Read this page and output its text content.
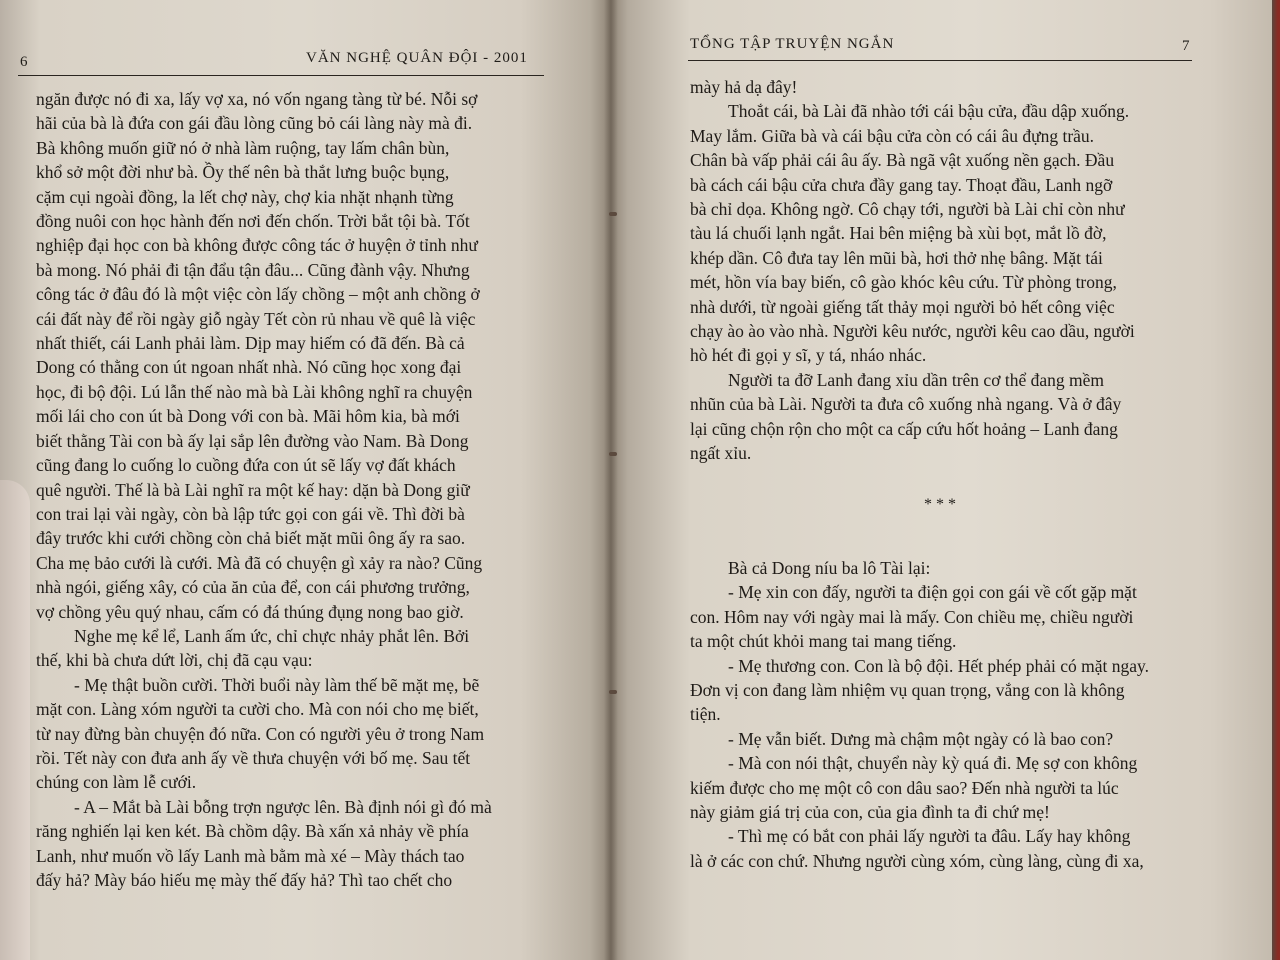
6	VĂN NGHỆ QUÂN ĐỘI - 2001
ngăn được nó đi xa, lấy vợ xa, nó vốn ngang tàng từ bé. Nỗi sợ
hãi của bà là đứa con gái đầu lòng cũng bỏ cái làng này mà đi.
Bà không muốn giữ nó ở nhà làm ruộng, tay lấm chân bùn,
khổ sở một đời như bà. Ồy thế nên bà thắt lưng buộc bụng,
cặm cụi ngoài đồng, la lết chợ này, chợ kia nhặt nhạnh từng
đồng nuôi con học hành đến nơi đến chốn. Trời bắt tội bà. Tốt
nghiệp đại học con bà không được công tác ở huyện ở tỉnh như
bà mong. Nó phải đi tận đẩu tận đâu... Cũng đành vậy. Nhưng
công tác ở đâu đó là một việc còn lấy chồng – một anh chồng ở
cái đất này để rồi ngày giỗ ngày Tết còn rủ nhau về quê là việc
nhất thiết, cái Lanh phải làm. Dịp may hiếm có đã đến. Bà cả
Dong có thằng con út ngoan nhất nhà. Nó cũng học xong đại
học, đi bộ đội. Lú lẫn thế nào mà bà Lài không nghĩ ra chuyện
mối lái cho con út bà Dong với con bà. Mãi hôm kia, bà mới
biết thằng Tài con bà ấy lại sắp lên đường vào Nam. Bà Dong
cũng đang lo cuống lo cuồng đứa con út sẽ lấy vợ đất khách
quê người. Thế là bà Lài nghĩ ra một kế hay: dặn bà Dong giữ
con trai lại vài ngày, còn bà lập tức gọi con gái về. Thì đời bà
đây trước khi cưới chồng còn chả biết mặt mũi ông ấy ra sao.
Cha mẹ bảo cưới là cưới. Mà đã có chuyện gì xảy ra nào? Cũng
nhà ngói, giếng xây, có của ăn của để, con cái phương trưởng,
vợ chồng yêu quý nhau, cấm có đá thúng đụng nong bao giờ.
Nghe mẹ kể lể, Lanh ấm ức, chỉ chực nhảy phắt lên. Bởi
thế, khi bà chưa dứt lời, chị đã cạu vạu:
- Mẹ thật buồn cười. Thời buổi này làm thế bẽ mặt mẹ, bẽ
mặt con. Làng xóm người ta cười cho. Mà con nói cho mẹ biết,
từ nay đừng bàn chuyện đó nữa. Con có người yêu ở trong Nam
rồi. Tết này con đưa anh ấy về thưa chuyện với bố mẹ. Sau tết
chúng con làm lễ cưới.
- A – Mắt bà Lài bỗng trợn ngược lên. Bà định nói gì đó mà
răng nghiến lại ken két. Bà chồm dậy. Bà xấn xả nhảy về phía
Lanh, như muốn vồ lấy Lanh mà bằm mà xé – Mày thách tao
đấy hả? Mày báo hiếu mẹ mày thế đấy hả? Thì tao chết cho
TỔNG TẬP TRUYỆN NGẮN	7
mày hả dạ đây!
Thoắt cái, bà Lài đã nhào tới cái bậu cửa, đầu dập xuống.
May lắm. Giữa bà và cái bậu cửa còn có cái âu đựng trầu.
Chân bà vấp phải cái âu ấy. Bà ngã vật xuống nền gạch. Đầu
bà cách cái bậu cửa chưa đầy gang tay. Thoạt đầu, Lanh ngỡ
bà chỉ dọa. Không ngờ. Cô chạy tới, người bà Lài chỉ còn như
tàu lá chuối lạnh ngắt. Hai bên miệng bà xùi bọt, mắt lồ đờ,
khép dần. Cô đưa tay lên mũi bà, hơi thở nhẹ bâng. Mặt tái
mét, hồn vía bay biến, cô gào khóc kêu cứu. Từ phòng trong,
nhà dưới, từ ngoài giếng tất thảy mọi người bỏ hết công việc
chạy ào ào vào nhà. Người kêu nước, người kêu cao dầu, người
hò hét đi gọi y sĩ, y tá, nháo nhác.
Người ta đỡ Lanh đang xỉu dần trên cơ thể đang mềm
nhũn của bà Lài. Người ta đưa cô xuống nhà ngang. Và ở đây
lại cũng chộn rộn cho một ca cấp cứu hốt hoảng – Lanh đang
ngất xỉu.
* * *
Bà cả Dong níu ba lô Tài lại:
- Mẹ xin con đấy, người ta điện gọi con gái về cốt gặp mặt
con. Hôm nay với ngày mai là mấy. Con chiều mẹ, chiều người
ta một chút khỏi mang tai mang tiếng.
- Mẹ thương con. Con là bộ đội. Hết phép phải có mặt ngay.
Đơn vị con đang làm nhiệm vụ quan trọng, vắng con là không
tiện.
- Mẹ vẫn biết. Dưng mà chậm một ngày có là bao con?
- Mà con nói thật, chuyển này kỳ quá đi. Mẹ sợ con không
kiếm được cho mẹ một cô con dâu sao? Đến nhà người ta lúc
này giảm giá trị của con, của gia đình ta đi chứ mẹ!
- Thì mẹ có bắt con phải lấy người ta đâu. Lấy hay không
là ở các con chứ. Nhưng người cùng xóm, cùng làng, cùng đi xa,
